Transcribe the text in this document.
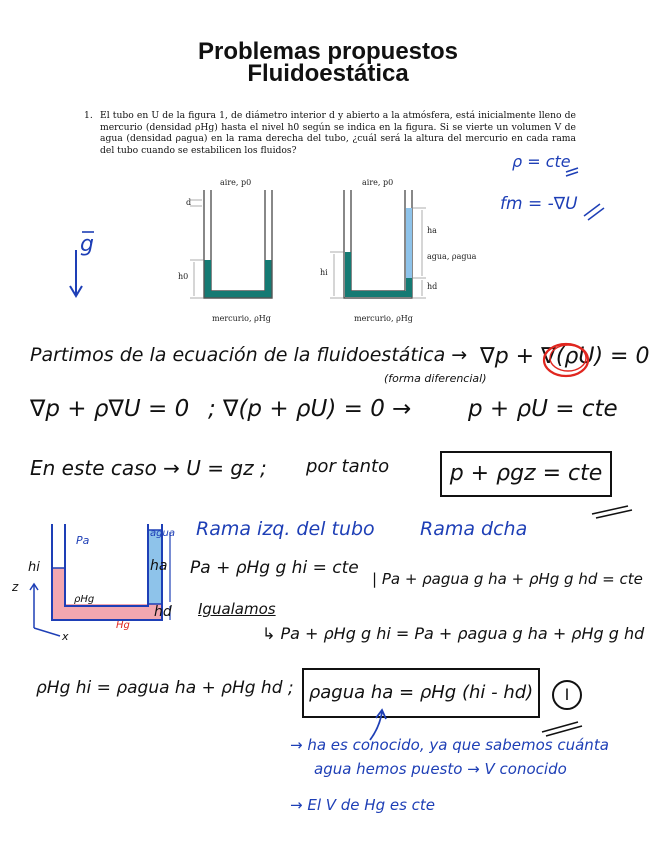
Problemas propuestos
Fluidoestática
1. El tubo en U de la figura 1, de diámetro interior d y abierto a la atmósfera, está inicialmente lleno de mercurio (densidad ρHg) hasta el nivel h0 según se indica en la figura. Si se vierte un volumen V de agua (densidad ρagua) en la rama derecha del tubo, ¿cuál será la altura del mercurio en cada rama del tubo cuando se estabilicen los fluidos?
aire, p0
d
h0
mercurio, ρHg
aire, p0
ha
agua, ρagua
hi
hd
mercurio, ρHg
g
ρ = cte
fm = -∇U
Partimos de la ecuación de la fluidoestática → ∇p + ∇(ρU) = 0
(forma diferencial)
∇p + ρ∇U = 0 ; ∇(p + ρU) = 0 → p + ρU = cte
En este caso → U = gz ; por tanto	p + ρgz = cte
Pa
hi
agua
ha
hd
ρHg
Hg
z
x
Rama izq. del tubo Rama dcha
Pa + ρHg g hi = cte
| Pa + ρagua g ha + ρHg g hd = cte
Igualamos
↳ Pa + ρHg g hi = Pa + ρagua g ha + ρHg g hd
ρHg hi = ρagua ha + ρHg hd ; ρagua ha = ρHg (hi - hd)	I
→ ha es conocido, ya que sabemos cuánta
agua hemos puesto → V conocido
→ El V de Hg es cte
